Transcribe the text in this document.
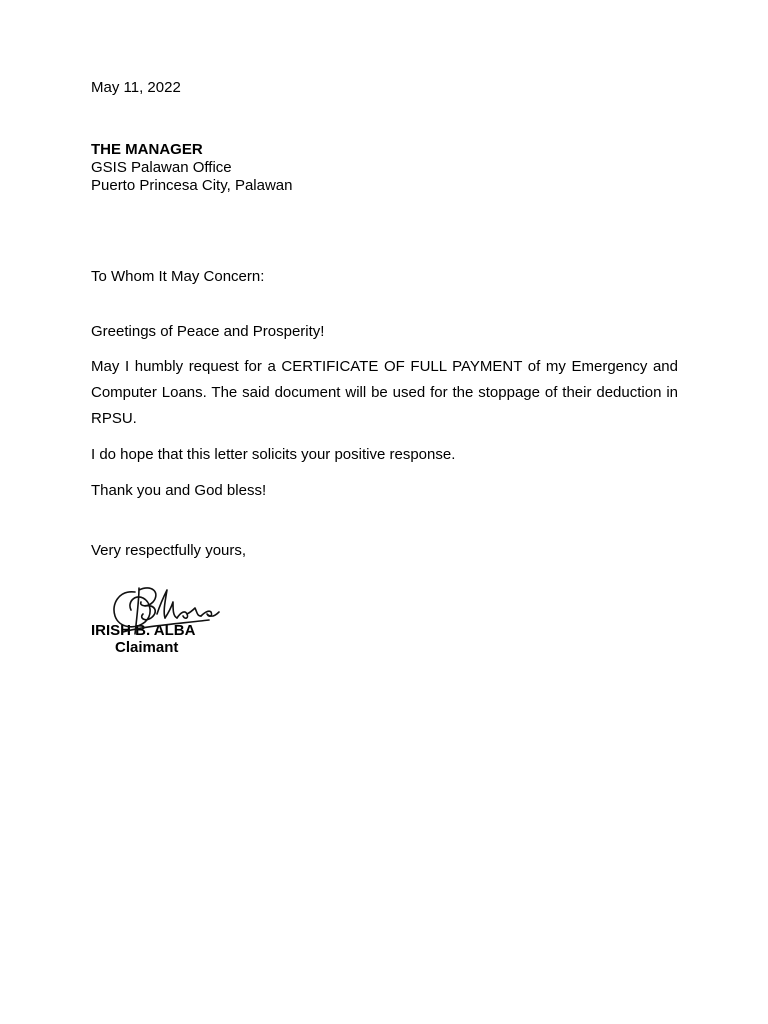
May 11, 2022
THE MANAGER
GSIS Palawan Office
Puerto Princesa City, Palawan
To Whom It May Concern:
Greetings of Peace and Prosperity!
May I humbly request for a CERTIFICATE OF FULL PAYMENT of my Emergency and Computer Loans. The said document will be used for the stoppage of their deduction in RPSU.
I do hope that this letter solicits your positive response.
Thank you and God bless!
Very respectfully yours,
IRISH B. ALBA
Claimant
